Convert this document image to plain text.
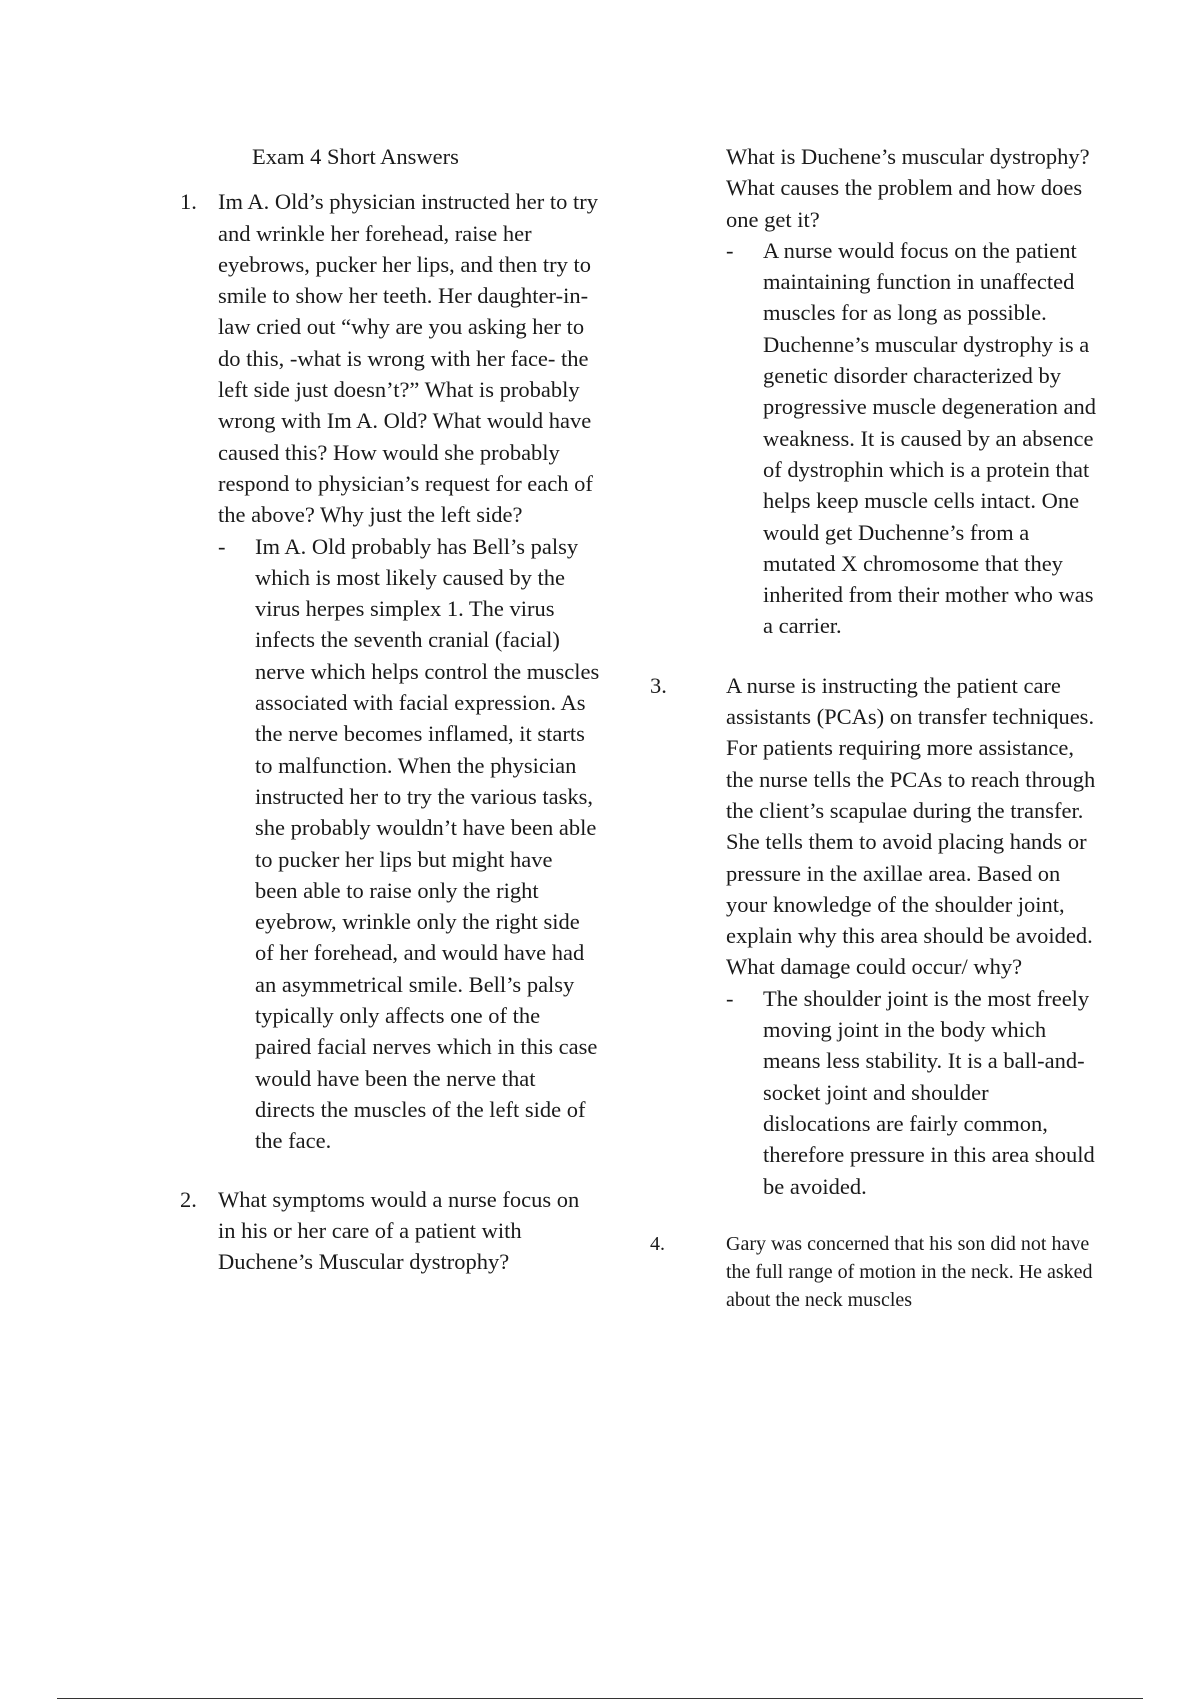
Exam 4 Short Answers
1. Im A. Old’s physician instructed her to try and wrinkle her forehead, raise her eyebrows, pucker her lips, and then try to smile to show her teeth. Her daughter-in-law cried out “why are you asking her to do this, -what is wrong with her face- the left side just doesn’t?” What is probably wrong with Im A. Old? What would have caused this? How would she probably respond to physician’s request for each of the above? Why just the left side?
- Im A. Old probably has Bell’s palsy which is most likely caused by the virus herpes simplex 1. The virus infects the seventh cranial (facial) nerve which helps control the muscles associated with facial expression. As the nerve becomes inflamed, it starts to malfunction. When the physician instructed her to try the various tasks, she probably wouldn’t have been able to pucker her lips but might have been able to raise only the right eyebrow, wrinkle only the right side of her forehead, and would have had an asymmetrical smile. Bell’s palsy typically only affects one of the paired facial nerves which in this case would have been the nerve that directs the muscles of the left side of the face.
2. What symptoms would a nurse focus on in his or her care of a patient with Duchene’s Muscular dystrophy?
What is Duchene’s muscular dystrophy? What causes the problem and how does one get it?
- A nurse would focus on the patient maintaining function in unaffected muscles for as long as possible. Duchenne’s muscular dystrophy is a genetic disorder characterized by progressive muscle degeneration and weakness. It is caused by an absence of dystrophin which is a protein that helps keep muscle cells intact. One would get Duchenne’s from a mutated X chromosome that they inherited from their mother who was a carrier.
3.	A nurse is instructing the patient care assistants (PCAs) on transfer techniques. For patients requiring more assistance, the nurse tells the PCAs to reach through the client’s scapulae during the transfer. She tells them to avoid placing hands or pressure in the axillae area. Based on your knowledge of the shoulder joint, explain why this area should be avoided. What damage could occur/ why?
- The shoulder joint is the most freely moving joint in the body which means less stability. It is a ball-and-socket joint and shoulder dislocations are fairly common, therefore pressure in this area should be avoided.
4.	Gary was concerned that his son did not have the full range of motion in the neck. He asked about the neck muscles
